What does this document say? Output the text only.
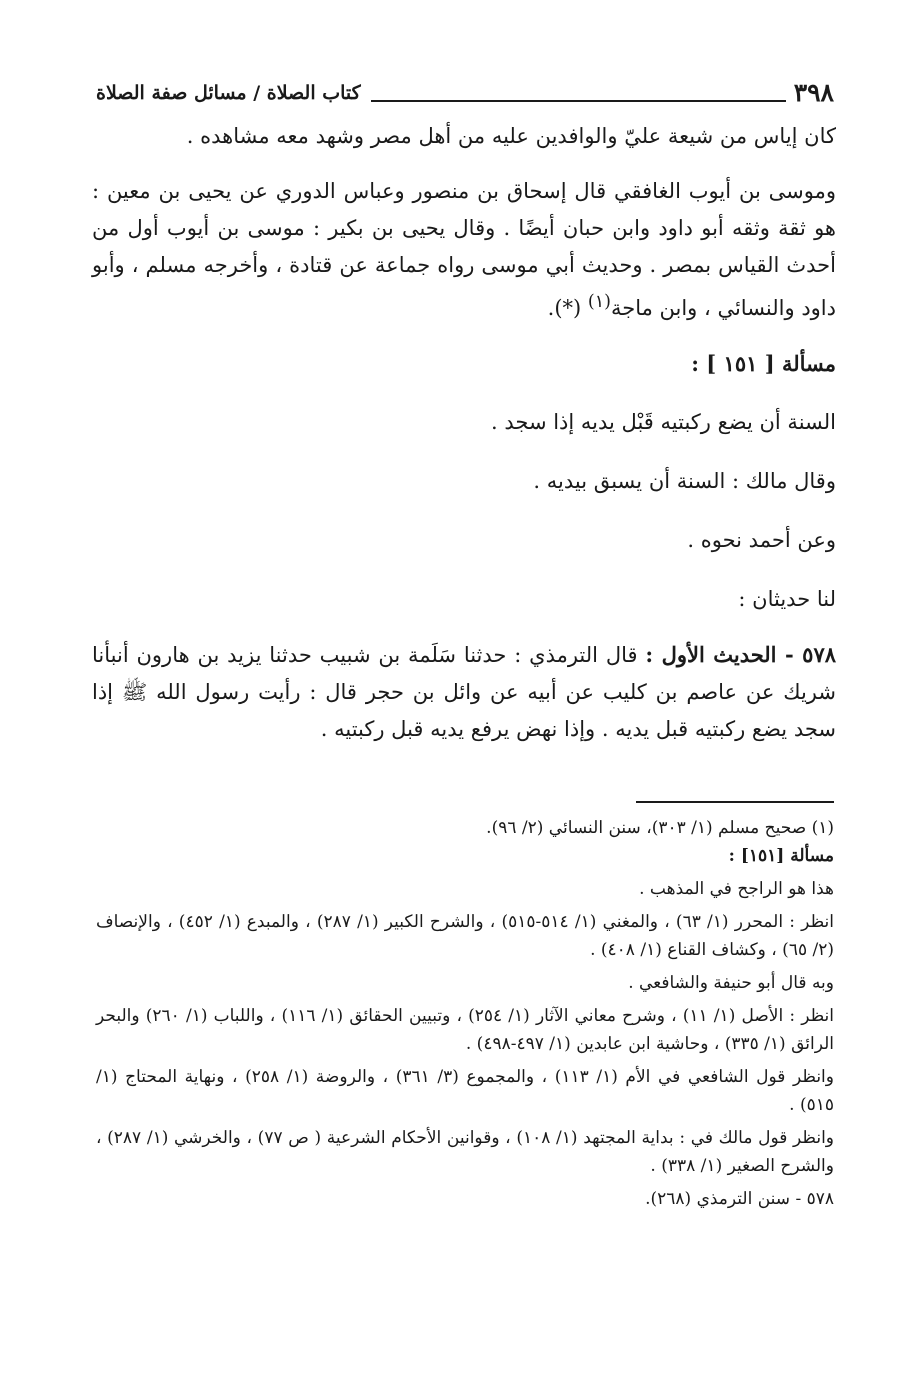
٣٩٨
كتاب الصلاة / مسائل صفة الصلاة

كان إياس من شيعة عليّ والوافدين عليه من أهل مصر وشهد معه مشاهده .

وموسى بن أيوب الغافقي قال إسحاق بن منصور وعباس الدوري عن يحيى بن معين : هو ثقة وثقه أبو داود وابن حبان أيضًا . وقال يحيى بن بكير : موسى بن أيوب أول من أحدث القياس بمصر . وحديث أبي موسى رواه جماعة عن قتادة ، وأخرجه مسلم ، وأبو داود والنسائي ، وابن ماجة$^{(١)}$ (*).

مسألة [ ١٥١ ] :

السنة أن يضع ركبتيه قَبْل يديه إذا سجد .

وقال مالك : السنة أن يسبق بيديه .

وعن أحمد نحوه .

لنا حديثان :

٥٧٨ - الحديث الأول : قال الترمذي : حدثنا سَلَمة بن شبيب حدثنا يزيد بن هارون أنبأنا شريك عن عاصم بن كليب عن أبيه عن وائل بن حجر قال : رأيت رسول الله ﷺ إذا سجد يضع ركبتيه قبل يديه . وإذا نهض يرفع يديه قبل ركبتيه .

(١) صحيح مسلم (١/ ٣٠٣)، سنن النسائي (٢/ ٩٦).

مسألة [١٥١] :

هذا هو الراجح في المذهب .

انظر : المحرر (١/ ٦٣) ، والمغني (١/ ٥١٤-٥١٥) ، والشرح الكبير (١/ ٢٨٧) ، والمبدع (١/ ٤٥٢) ، والإنصاف (٢/ ٦٥) ، وكشاف القناع (١/ ٤٠٨) .

وبه قال أبو حنيفة والشافعي .

انظر : الأصل (١/ ١١) ، وشرح معاني الآثار (١/ ٢٥٤) ، وتبيين الحقائق (١/ ١١٦) ، واللباب (١/ ٢٦٠) والبحر الرائق (١/ ٣٣٥) ، وحاشية ابن عابدين (١/ ٤٩٧-٤٩٨) .

وانظر قول الشافعي في الأم (١/ ١١٣) ، والمجموع (٣/ ٣٦١) ، والروضة (١/ ٢٥٨) ، ونهاية المحتاج (١/ ٥١٥) .

وانظر قول مالك في : بداية المجتهد (١/ ١٠٨) ، وقوانين الأحكام الشرعية ( ص ٧٧) ، والخرشي (١/ ٢٨٧) ، والشرح الصغير (١/ ٣٣٨) .

٥٧٨ - سنن الترمذي (٢٦٨).
